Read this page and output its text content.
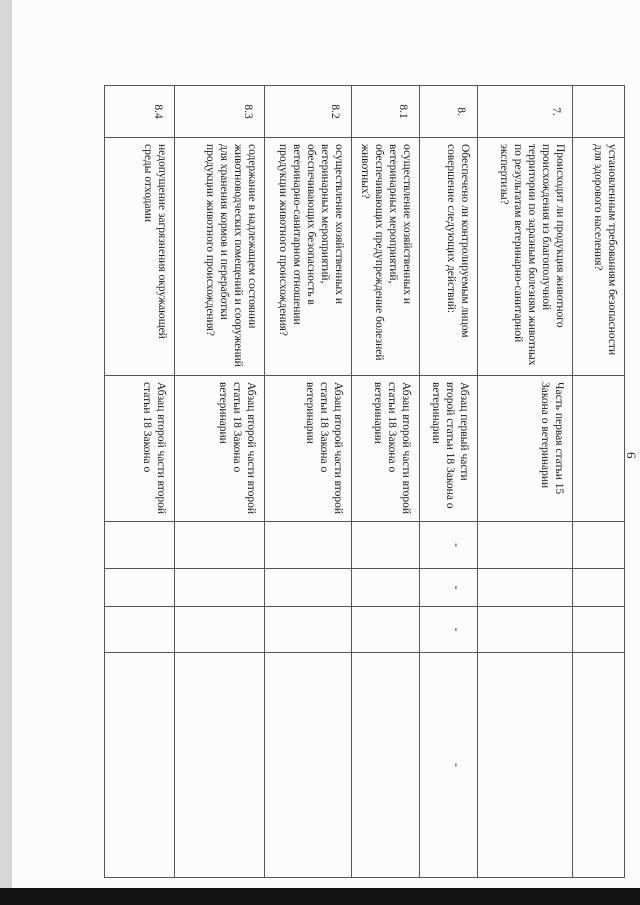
6
	установленным требованиям безопасности для здорового населения?					
7.	Происходит ли продукция животного происхождения из благополучной территории по заразным болезням животных по результатам ветеринарно-санитарной экспертизы?	Часть первая статьи 15 Закона о ветеринарии				
8.	Обеспечено ли контролируемым лицом совершение следующих действий:	Абзац первый части второй статьи 18 Закона о ветеринарии	-	-	-	-
8.1	осуществление хозяйственных и ветеринарных мероприятий, обеспечивающих предупреждение болезней животных?	Абзац второй части второй статьи 18 Закона о ветеринарии				
8.2	осуществление хозяйственных и ветеринарных мероприятий, обеспечивающих безопасность в ветеринарно-санитарном отношении продукции животного происхождения?	Абзац второй части второй статьи 18 Закона о ветеринарии				
8.3	содержание в надлежащем состоянии животноводческих помещений и сооружений для хранения кормов и переработки продукции животного происхождения?	Абзац второй части второй статьи 18 Закона о ветеринарии				
8.4	недопущение загрязнения окружающей среды отходами	Абзац второй части второй статьи 18 Закона о				
